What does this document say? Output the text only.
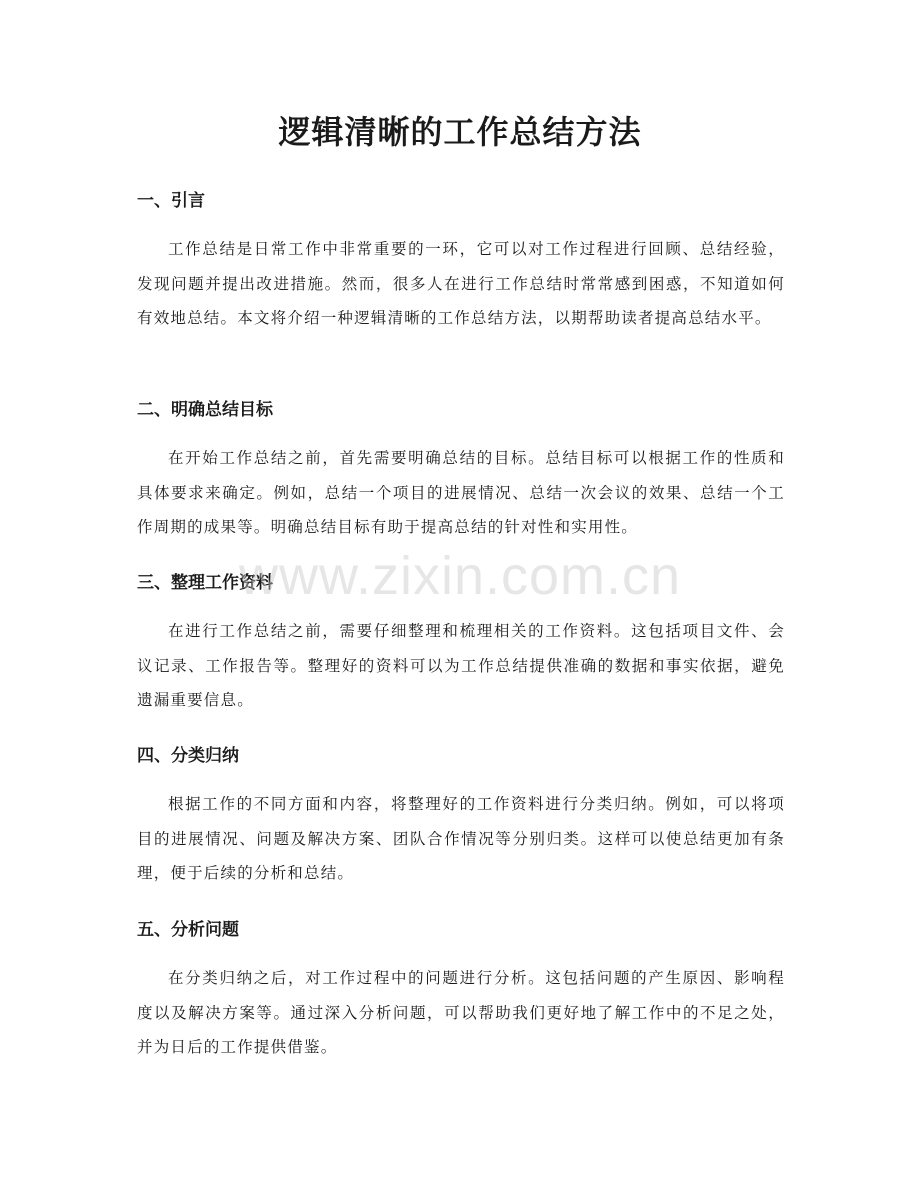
逻辑清晰的工作总结方法
一、引言

工作总结是日常工作中非常重要的一环，它可以对工作过程进行回顾、总结经验，发现问题并提出改进措施。然而，很多人在进行工作总结时常常感到困惑，不知道如何有效地总结。本文将介绍一种逻辑清晰的工作总结方法，以期帮助读者提高总结水平。

二、明确总结目标

在开始工作总结之前，首先需要明确总结的目标。总结目标可以根据工作的性质和具体要求来确定。例如，总结一个项目的进展情况、总结一次会议的效果、总结一个工作周期的成果等。明确总结目标有助于提高总结的针对性和实用性。

三、整理工作资料

在进行工作总结之前，需要仔细整理和梳理相关的工作资料。这包括项目文件、会议记录、工作报告等。整理好的资料可以为工作总结提供准确的数据和事实依据，避免遗漏重要信息。

四、分类归纳

根据工作的不同方面和内容，将整理好的工作资料进行分类归纳。例如，可以将项目的进展情况、问题及解决方案、团队合作情况等分别归类。这样可以使总结更加有条理，便于后续的分析和总结。

五、分析问题

在分类归纳之后，对工作过程中的问题进行分析。这包括问题的产生原因、影响程度以及解决方案等。通过深入分析问题，可以帮助我们更好地了解工作中的不足之处，并为日后的工作提供借鉴。

www.zixin.com.cn
